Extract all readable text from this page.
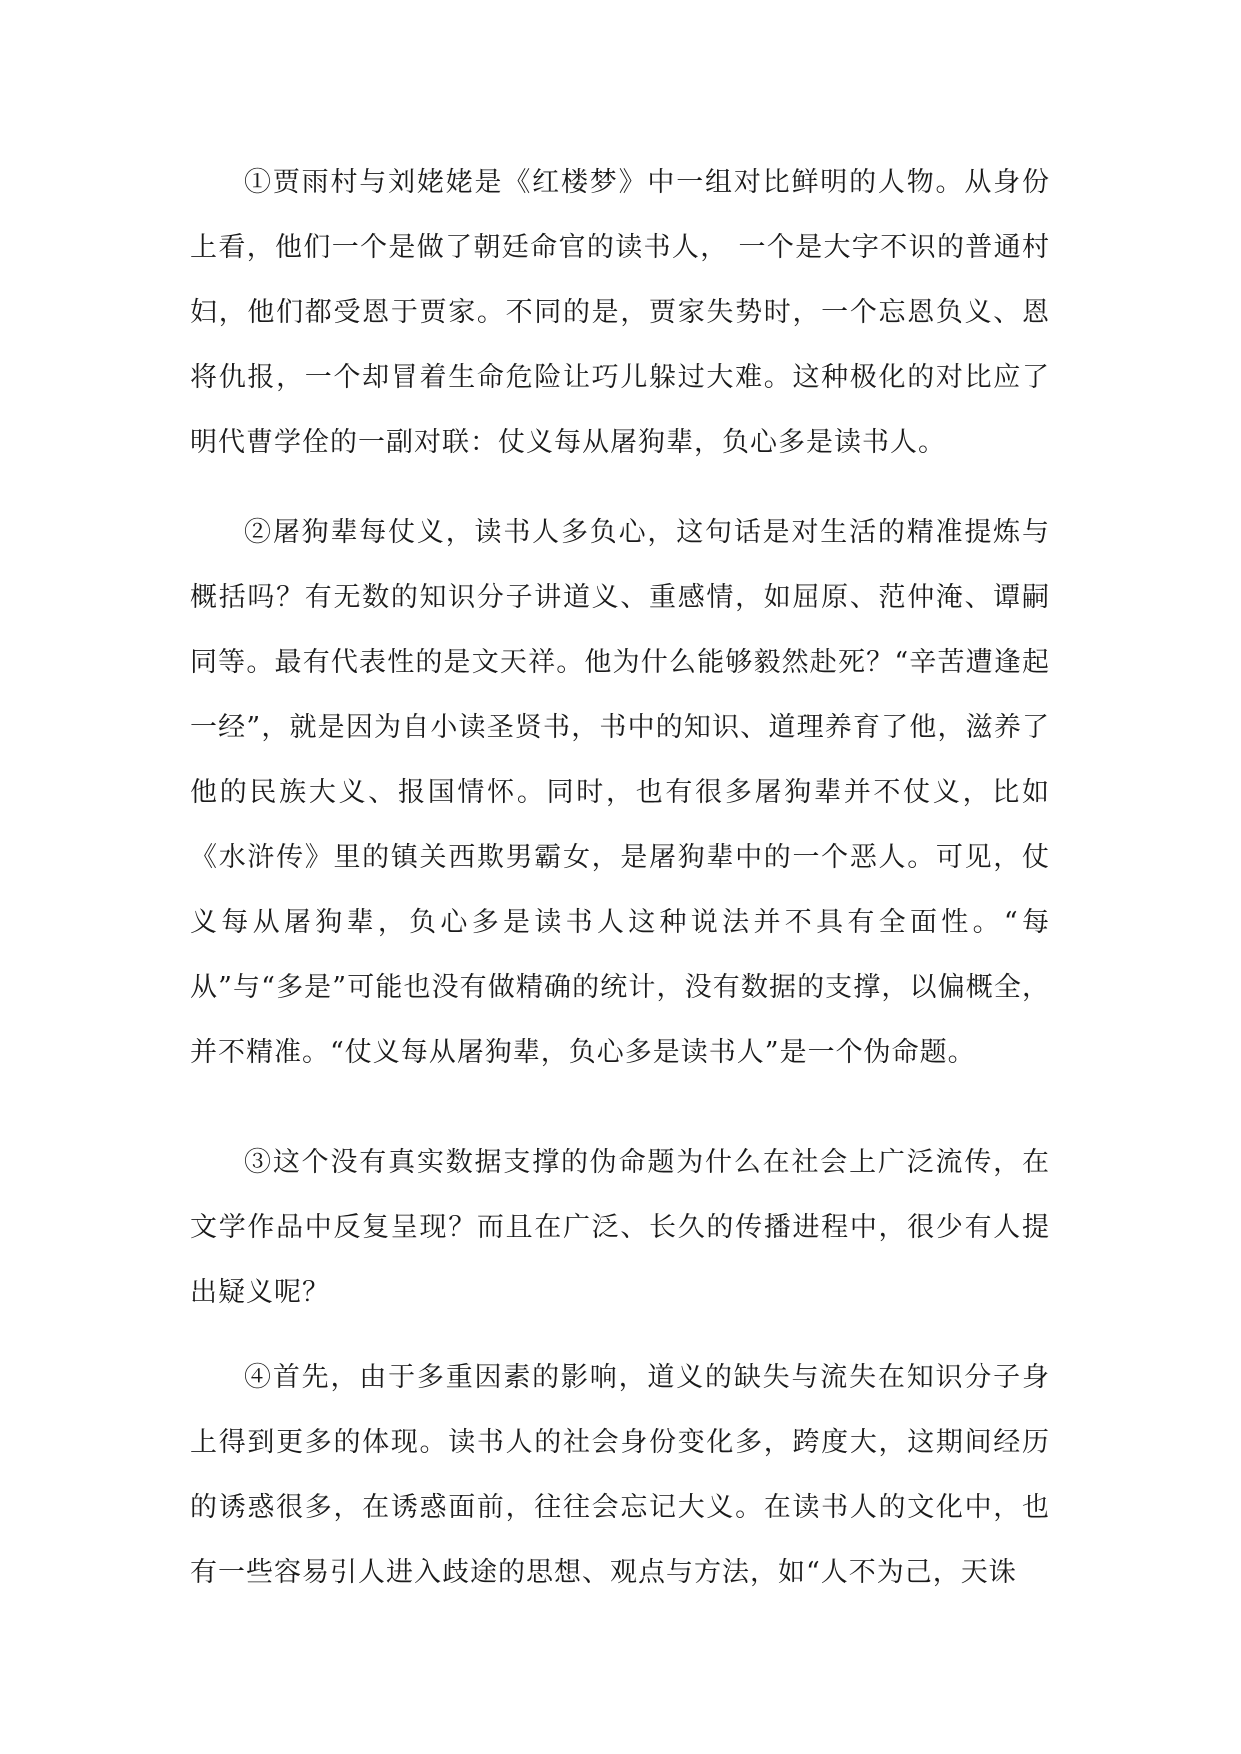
①贾雨村与刘姥姥是《红楼梦》中一组对比鲜明的人物。从身份上看，他们一个是做了朝廷命官的读书人， 一个是大字不识的普通村妇，他们都受恩于贾家。不同的是，贾家失势时，一个忘恩负义、恩将仇报，一个却冒着生命危险让巧儿躲过大难。这种极化的对比应了明代曹学佺的一副对联：仗义每从屠狗辈，负心多是读书人。

②屠狗辈每仗义，读书人多负心，这句话是对生活的精准提炼与概括吗？有无数的知识分子讲道义、重感情，如屈原、范仲淹、谭嗣同等。最有代表性的是文天祥。他为什么能够毅然赴死？“辛苦遭逢起一经”，就是因为自小读圣贤书，书中的知识、道理养育了他，滋养了他的民族大义、报国情怀。同时，也有很多屠狗辈并不仗义，比如《水浒传》里的镇关西欺男霸女，是屠狗辈中的一个恶人。可见，仗义每从屠狗辈，负心多是读书人这种说法并不具有全面性。“每从”与“多是”可能也没有做精确的统计，没有数据的支撑，以偏概全，并不精准。“仗义每从屠狗辈，负心多是读书人”是一个伪命题。

③这个没有真实数据支撑的伪命题为什么在社会上广泛流传，在文学作品中反复呈现？而且在广泛、长久的传播进程中，很少有人提出疑义呢？

④首先，由于多重因素的影响，道义的缺失与流失在知识分子身上得到更多的体现。读书人的社会身份变化多，跨度大，这期间经历的诱惑很多，在诱惑面前，往往会忘记大义。在读书人的文化中，也有一些容易引人进入歧途的思想、观点与方法，如“人不为己，天诛
